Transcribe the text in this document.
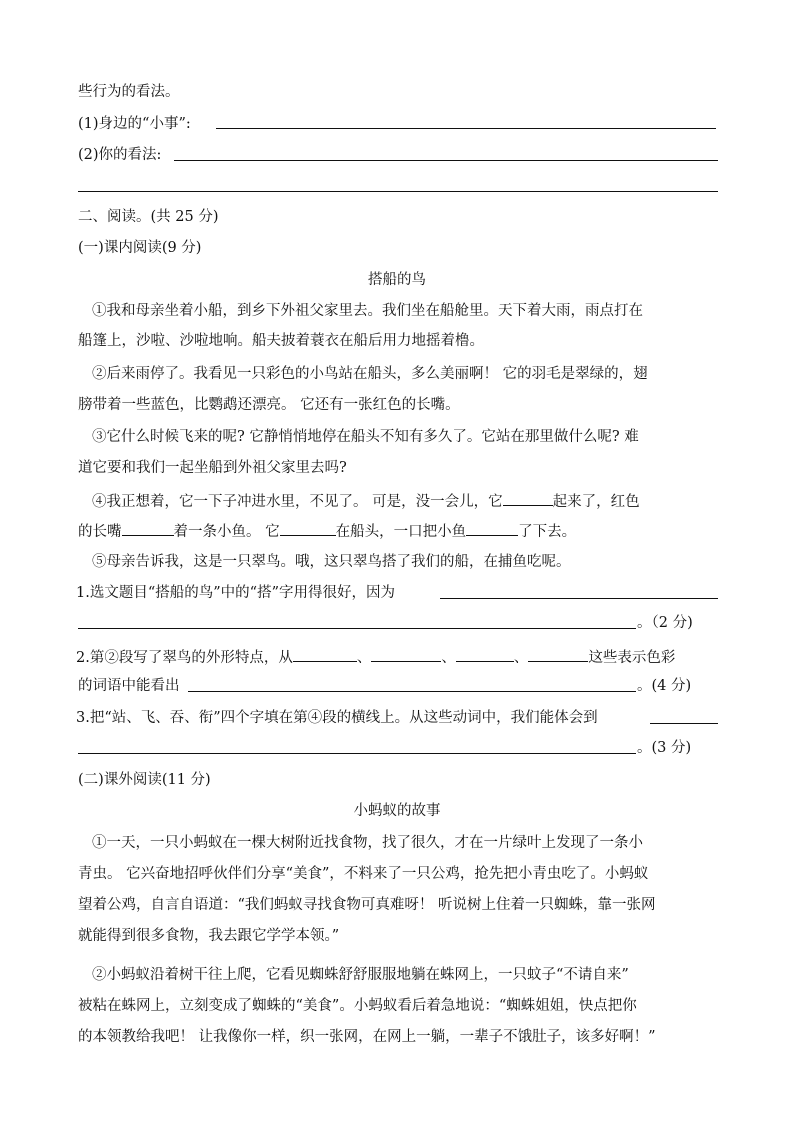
些行为的看法。
(1)身边的“小事”:
(2)你的看法:
二、阅读。(共 25 分)
(一)课内阅读(9 分)
搭船的鸟
①我和母亲坐着小船，到乡下外祖父家里去。我们坐在船舱里。天下着大雨，雨点打在
船篷上，沙啦、沙啦地响。船夫披着蓑衣在船后用力地摇着橹。
②后来雨停了。我看见一只彩色的小鸟站在船头，多么美丽啊！ 它的羽毛是翠绿的，翅
膀带着一些蓝色，比鹦鹉还漂亮。 它还有一张红色的长嘴。
③它什么时候飞来的呢? 它静悄悄地停在船头不知有多久了。它站在那里做什么呢? 难
道它要和我们一起坐船到外祖父家里去吗?
④我正想着，它一下子冲进水里，不见了。 可是，没一会儿，它	起来了，红色
的长嘴	着一条小鱼。 它	在船头，一口把小鱼	了下去。
⑤母亲告诉我，这是一只翠鸟。哦，这只翠鸟搭了我们的船，在捕鱼吃呢。
1.选文题目“搭船的鸟”中的“搭”字用得很好，因为
。（2 分)
2.第②段写了翠鸟的外形特点，从	、	、	、	这些表示色彩
的词语中能看出	。(4 分)
3.把“站、飞、吞、衔”四个字填在第④段的横线上。从这些动词中，我们能体会到
。(3 分)
(二)课外阅读(11 分)
小蚂蚁的故事
①一天，一只小蚂蚁在一棵大树附近找食物，找了很久，才在一片绿叶上发现了一条小
青虫。 它兴奋地招呼伙伴们分享“美食”，不料来了一只公鸡，抢先把小青虫吃了。小蚂蚁
望着公鸡，自言自语道：“我们蚂蚁寻找食物可真难呀！ 听说树上住着一只蜘蛛，靠一张网
就能得到很多食物，我去跟它学学本领。”
②小蚂蚁沿着树干往上爬，它看见蜘蛛舒舒服服地躺在蛛网上，一只蚊子“不请自来”
被粘在蛛网上，立刻变成了蜘蛛的“美食”。小蚂蚁看后着急地说：“蜘蛛姐姐，快点把你
的本领教给我吧！ 让我像你一样，织一张网，在网上一躺，一辈子不饿肚子，该多好啊！”
